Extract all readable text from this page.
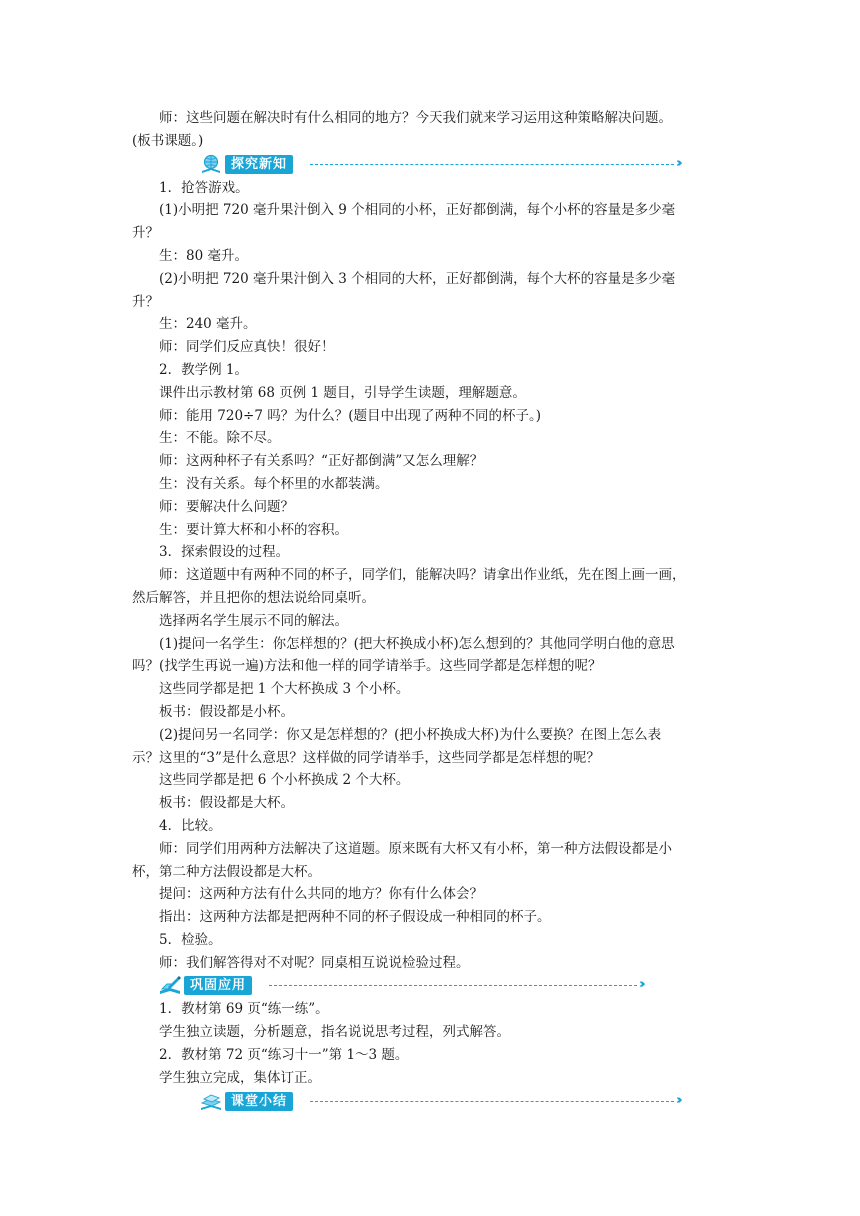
师：这些问题在解决时有什么相同的地方？今天我们就来学习运用这种策略解决问题。

(板书课题。)

探究新知	››

1．抢答游戏。

(1)小明把 720 毫升果汁倒入 9 个相同的小杯，正好都倒满，每个小杯的容量是多少毫

升？

生：80 毫升。

(2)小明把 720 毫升果汁倒入 3 个相同的大杯，正好都倒满，每个大杯的容量是多少毫

升？

生：240 毫升。

师：同学们反应真快！很好！

2．教学例 1。

课件出示教材第 68 页例 1 题目，引导学生读题，理解题意。

师：能用 720÷7 吗？为什么？(题目中出现了两种不同的杯子。)

生：不能。除不尽。

师：这两种杯子有关系吗？“正好都倒满”又怎么理解？

生：没有关系。每个杯里的水都装满。

师：要解决什么问题？

生：要计算大杯和小杯的容积。

3．探索假设的过程。

师：这道题中有两种不同的杯子，同学们，能解决吗？请拿出作业纸，先在图上画一画，

然后解答，并且把你的想法说给同桌听。

选择两名学生展示不同的解法。

(1)提问一名学生：你怎样想的？(把大杯换成小杯)怎么想到的？其他同学明白他的意思

吗？(找学生再说一遍)方法和他一样的同学请举手。这些同学都是怎样想的呢？

这些同学都是把 1 个大杯换成 3 个小杯。

板书：假设都是小杯。

(2)提问另一名同学：你又是怎样想的？(把小杯换成大杯)为什么要换？在图上怎么表

示？这里的“3”是什么意思？这样做的同学请举手，这些同学都是怎样想的呢？

这些同学都是把 6 个小杯换成 2 个大杯。

板书：假设都是大杯。

4．比较。

师：同学们用两种方法解决了这道题。原来既有大杯又有小杯，第一种方法假设都是小

杯，第二种方法假设都是大杯。

提问：这两种方法有什么共同的地方？你有什么体会？

指出：这两种方法都是把两种不同的杯子假设成一种相同的杯子。

5．检验。

师：我们解答得对不对呢？同桌相互说说检验过程。

巩固应用	››

1．教材第 69 页“练一练”。

学生独立读题，分析题意，指名说说思考过程，列式解答。

2．教材第 72 页“练习十一”第 1～3 题。

学生独立完成，集体订正。

课堂小结	››
